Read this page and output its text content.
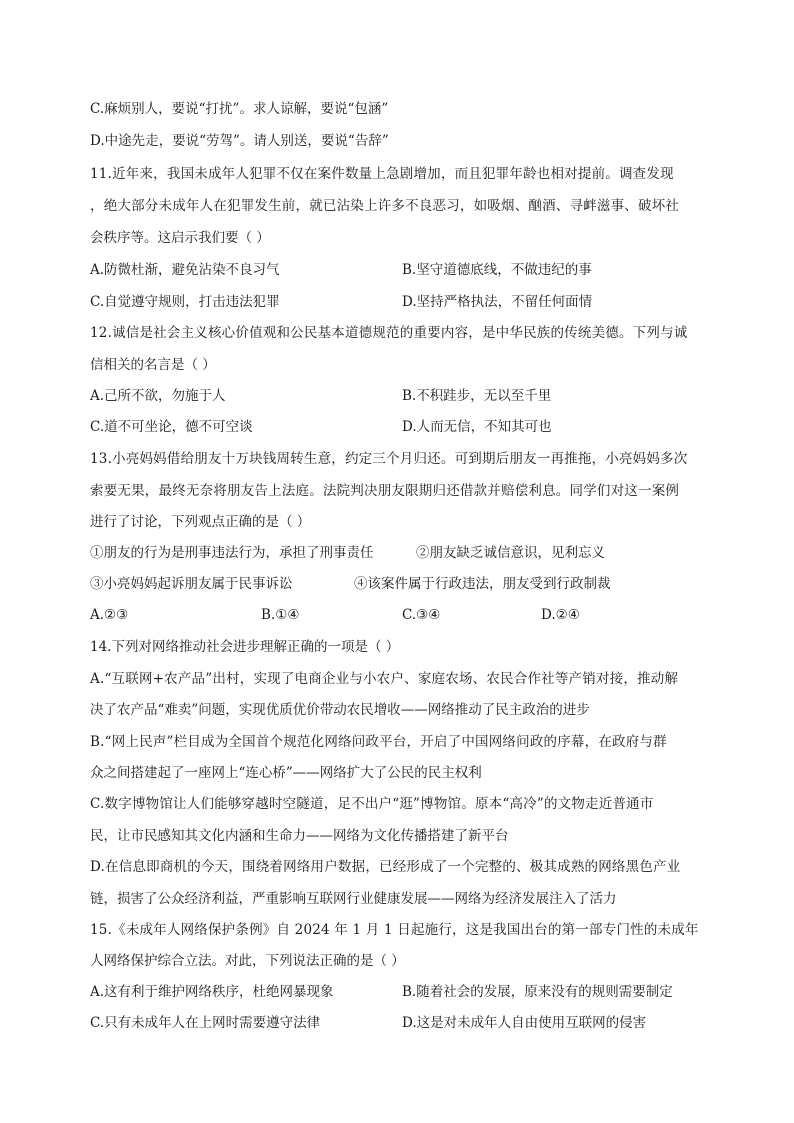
C.麻烦别人，要说“打扰”。求人谅解，要说“包涵”
D.中途先走，要说“劳驾”。请人别送，要说“告辞”
11.近年来，我国未成年人犯罪不仅在案件数量上急剧增加，而且犯罪年龄也相对提前。调查发现
，绝大部分未成年人在犯罪发生前，就已沾染上许多不良恶习，如吸烟、酗酒、寻衅滋事、破坏社
会秩序等。这启示我们要（ ）
A.防微杜渐，避免沾染不良习气	B.坚守道德底线，不做违纪的事
C.自觉遵守规则，打击违法犯罪	D.坚持严格执法，不留任何面情
12.诚信是社会主义核心价值观和公民基本道德规范的重要内容，是中华民族的传统美德。下列与诚
信相关的名言是（ ）
A.己所不欲，勿施于人	B.不积跬步，无以至千里
C.道不可坐论，德不可空谈	D.人而无信，不知其可也
13.小亮妈妈借给朋友十万块钱周转生意，约定三个月归还。可到期后朋友一再推拖，小亮妈妈多次
索要无果，最终无奈将朋友告上法庭。法院判决朋友限期归还借款并赔偿利息。同学们对这一案例
进行了讨论，下列观点正确的是（ ）
①朋友的行为是刑事违法行为，承担了刑事责任	②朋友缺乏诚信意识，见利忘义
③小亮妈妈起诉朋友属于民事诉讼	④该案件属于行政违法，朋友受到行政制裁
A.②③	B.①④	C.③④	D.②④
14.下列对网络推动社会进步理解正确的一项是（ ）
A.“互联网+农产品”出村，实现了电商企业与小农户、家庭农场、农民合作社等产销对接，推动解
决了农产品“难卖”问题，实现优质优价带动农民增收——网络推动了民主政治的进步
B.“网上民声”栏目成为全国首个规范化网络问政平台，开启了中国网络问政的序幕，在政府与群
众之间搭建起了一座网上“连心桥”——网络扩大了公民的民主权利
C.数字博物馆让人们能够穿越时空隧道，足不出户“逛”博物馆。原本“高冷”的文物走近普通市
民，让市民感知其文化内涵和生命力——网络为文化传播搭建了新平台
D.在信息即商机的今天，围绕着网络用户数据，已经形成了一个完整的、极其成熟的网络黑色产业
链，损害了公众经济利益，严重影响互联网行业健康发展——网络为经济发展注入了活力
15.《未成年人网络保护条例》自 2024 年 1 月 1 日起施行，这是我国出台的第一部专门性的未成年
人网络保护综合立法。对此，下列说法正确的是（ ）
A.这有利于维护网络秩序，杜绝网暴现象	B.随着社会的发展，原来没有的规则需要制定
C.只有未成年人在上网时需要遵守法律	D.这是对未成年人自由使用互联网的侵害
